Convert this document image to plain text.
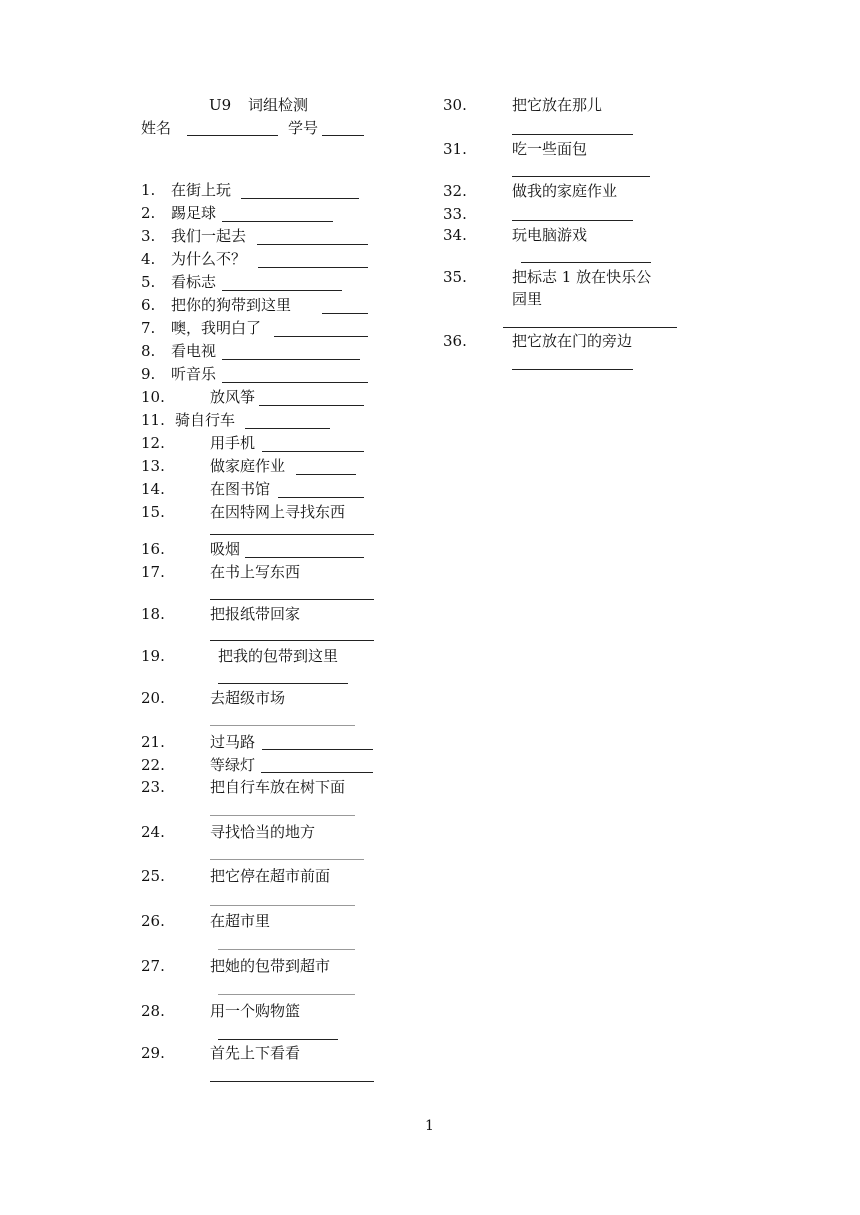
U9 词组检测
姓名	学号
1. 在街上玩
2. 踢足球
3. 我们一起去
4. 为什么不？
5. 看标志
6. 把你的狗带到这里
7. 噢，我明白了
8. 看电视
9. 听音乐
10.	放风筝
11. 骑自行车
12.	用手机
13.	做家庭作业
14.	在图书馆
15.	在因特网上寻找东西
16.	吸烟
17.	在书上写东西
18.	把报纸带回家
19.	把我的包带到这里
20.	去超级市场
21.	过马路
22.	等绿灯
23.	把自行车放在树下面
24.	寻找恰当的地方
25.	把它停在超市前面
26.	在超市里
27.	把她的包带到超市
28.	用一个购物篮
29.	首先上下看看
30.	把它放在那儿
31.	吃一些面包
32.	做我的家庭作业
33.
34.	玩电脑游戏
35.	把标志 1 放在快乐公
园里
36.	把它放在门的旁边
1
